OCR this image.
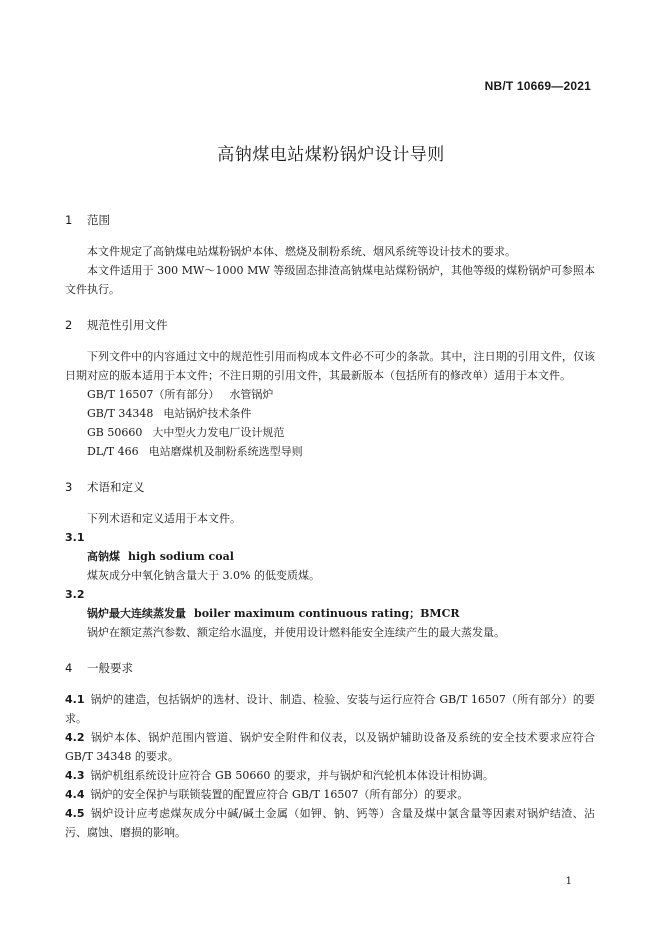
NB/T 10669—2021
高钠煤电站煤粉锅炉设计导则
1 范围

本文件规定了高钠煤电站煤粉锅炉本体、燃烧及制粉系统、烟风系统等设计技术的要求。

本文件适用于 300 MW～1000 MW 等级固态排渣高钠煤电站煤粉锅炉，其他等级的煤粉锅炉可参照本文件执行。

2 规范性引用文件

下列文件中的内容通过文中的规范性引用而构成本文件必不可少的条款。其中，注日期的引用文件，仅该日期对应的版本适用于本文件；不注日期的引用文件，其最新版本（包括所有的修改单）适用于本文件。

GB/T 16507（所有部分） 水管锅炉
GB/T 34348 电站锅炉技术条件
GB 50660 大中型火力发电厂设计规范
DL/T 466 电站磨煤机及制粉系统选型导则
3 术语和定义

下列术语和定义适用于本文件。

3.1
高钠煤 high sodium coal
煤灰成分中氧化钠含量大于 3.0% 的低变质煤。
3.2
锅炉最大连续蒸发量 boiler maximum continuous rating；BMCR
锅炉在额定蒸汽参数、额定给水温度，并使用设计燃料能安全连续产生的最大蒸发量。
4 一般要求

4.1 锅炉的建造，包括锅炉的选材、设计、制造、检验、安装与运行应符合 GB/T 16507（所有部分）的要求。

4.2 锅炉本体、锅炉范围内管道、锅炉安全附件和仪表，以及锅炉辅助设备及系统的安全技术要求应符合 GB/T 34348 的要求。

4.3 锅炉机组系统设计应符合 GB 50660 的要求，并与锅炉和汽轮机本体设计相协调。

4.4 锅炉的安全保护与联锁装置的配置应符合 GB/T 16507（所有部分）的要求。

4.5 锅炉设计应考虑煤灰成分中碱/碱土金属（如钾、钠、钙等）含量及煤中氯含量等因素对锅炉结渣、沾污、腐蚀、磨损的影响。

1
